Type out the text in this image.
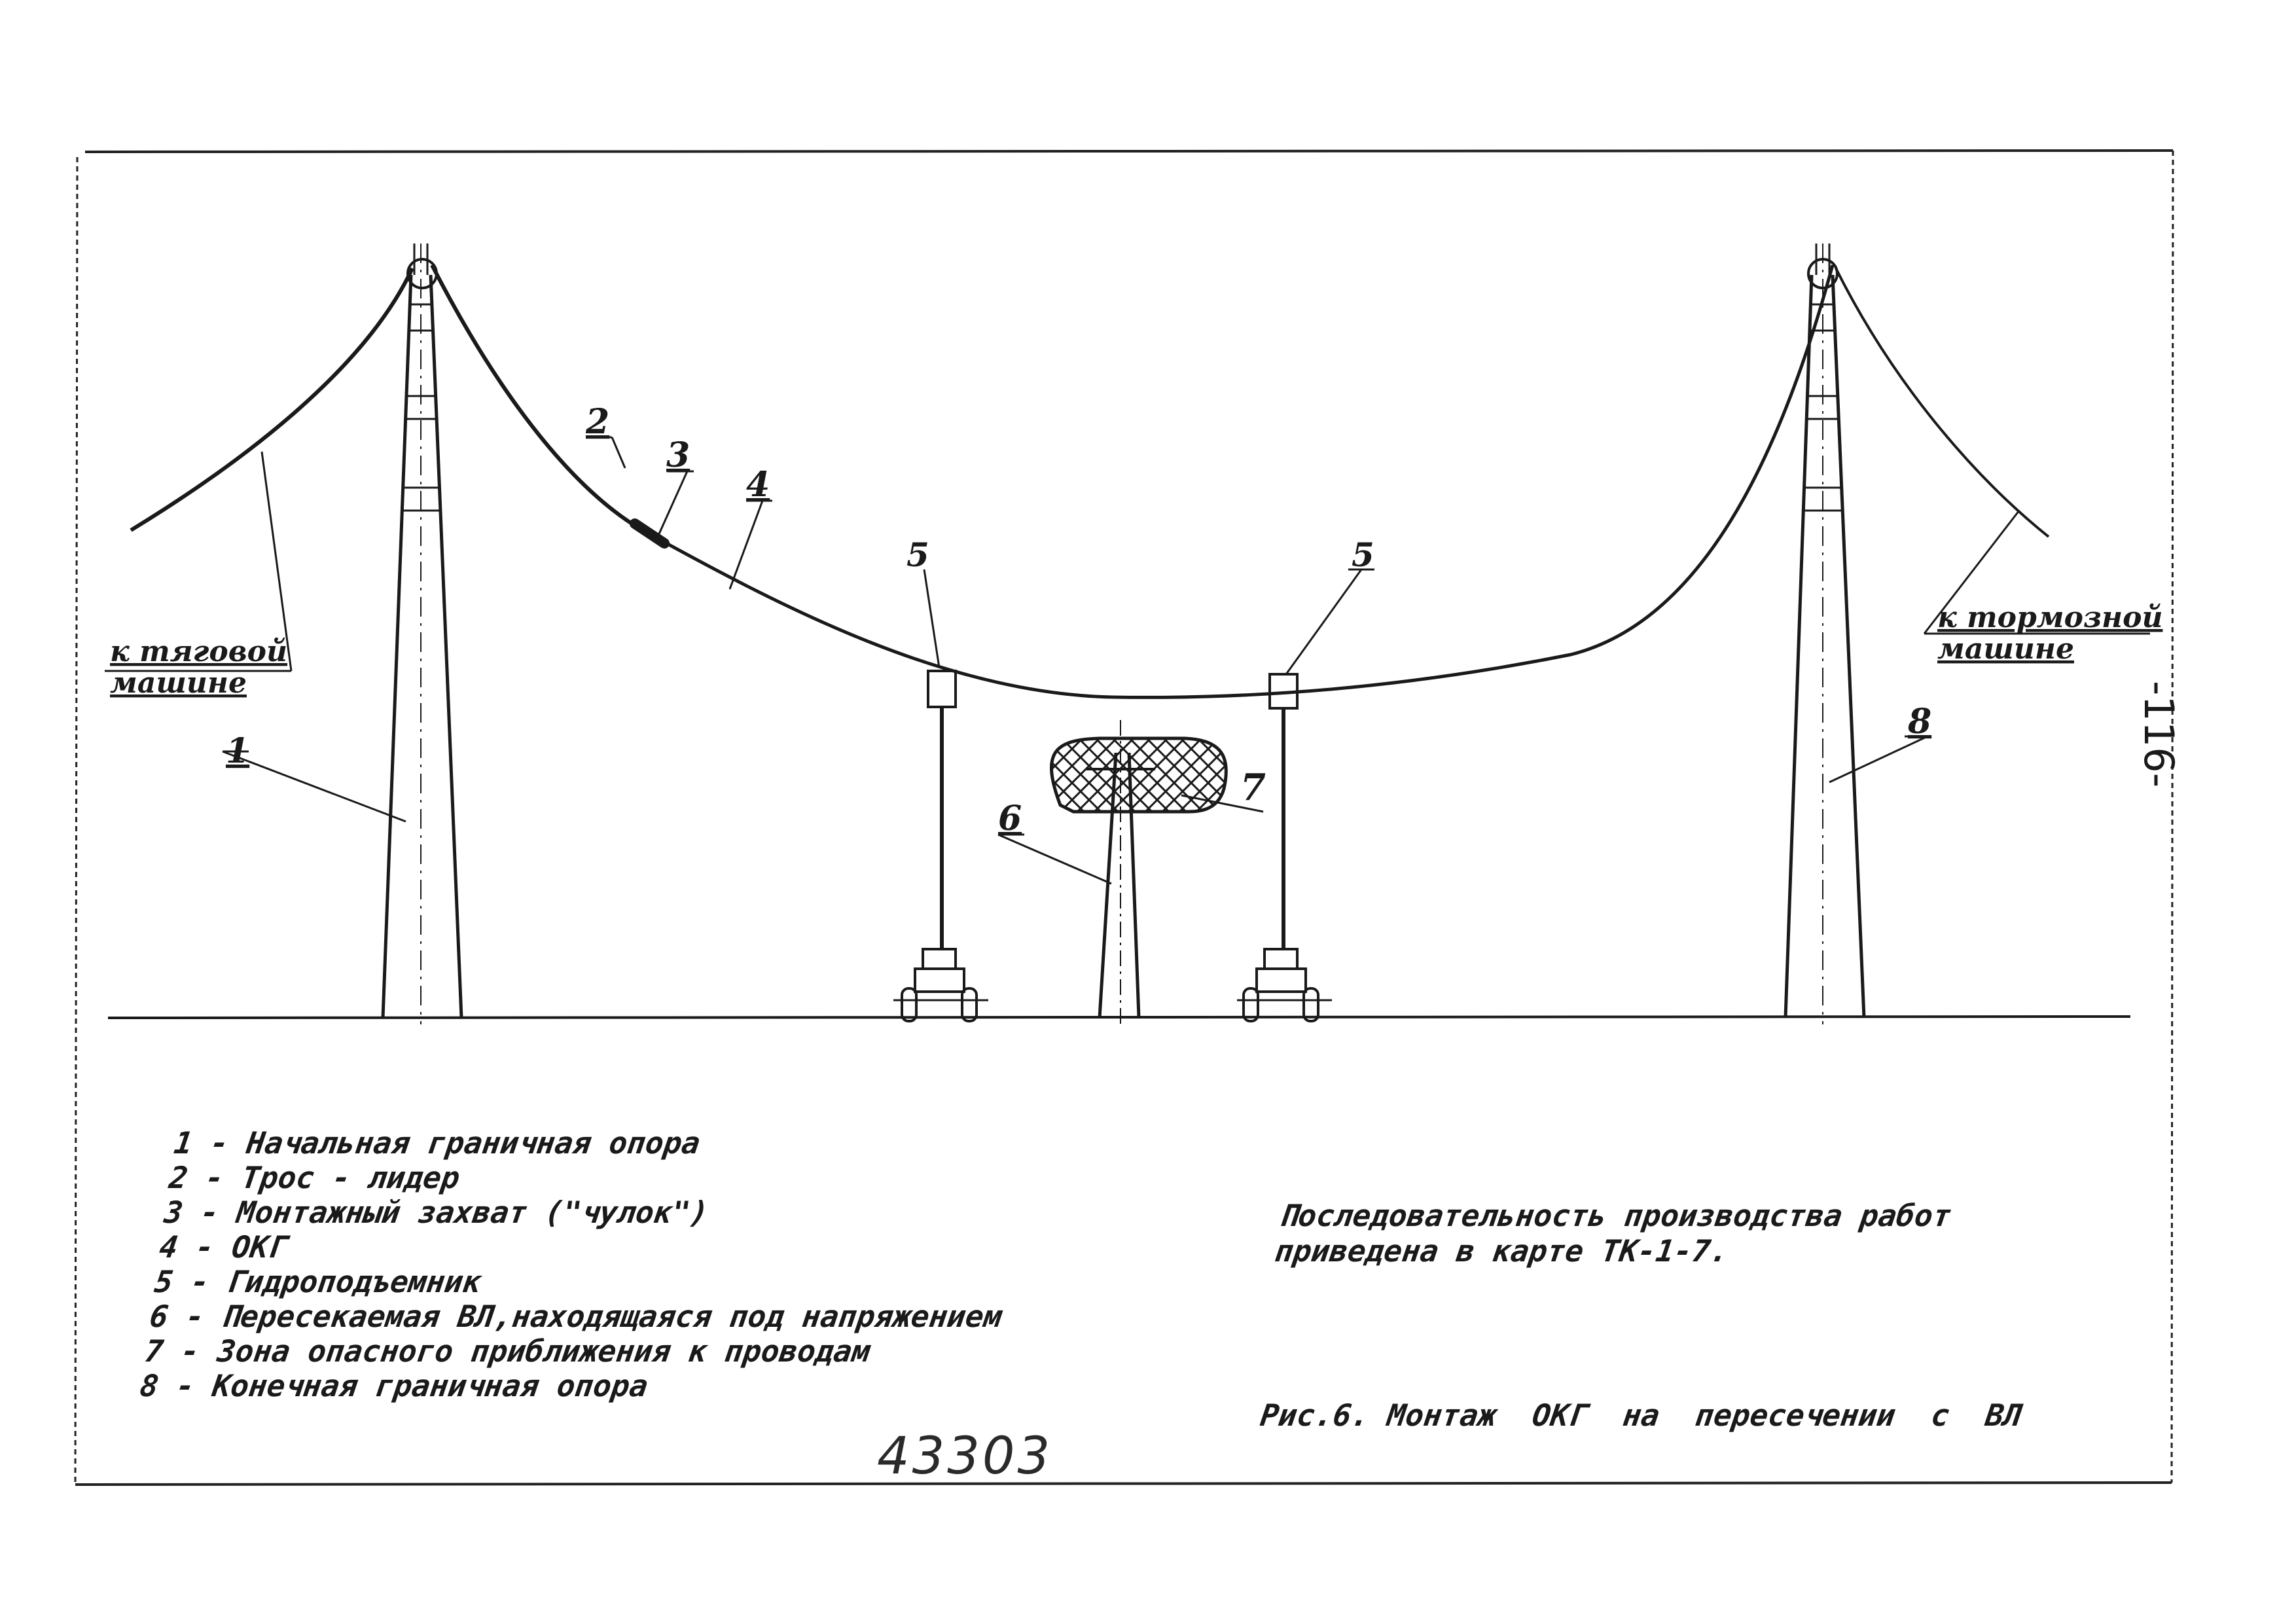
1
2
3
4
5	5
6
7
8
к тяговой
машине
к тормозной
машине
1 - Начальная граничная опора
2 - Трос - лидер
3 - Монтажный захват ("чулок")
4 - ОКГ
5 - Гидроподъемник
6 - Пересекаемая ВЛ,находящаяся под напряжением
7 - Зона опасного приближения к проводам
8 - Конечная граничная опора
Последовательность производства работ
приведена в карте ТК-1-7.
Рис.6. Монтаж  ОКГ  на  пересечении  с  ВЛ
43303
-116-
